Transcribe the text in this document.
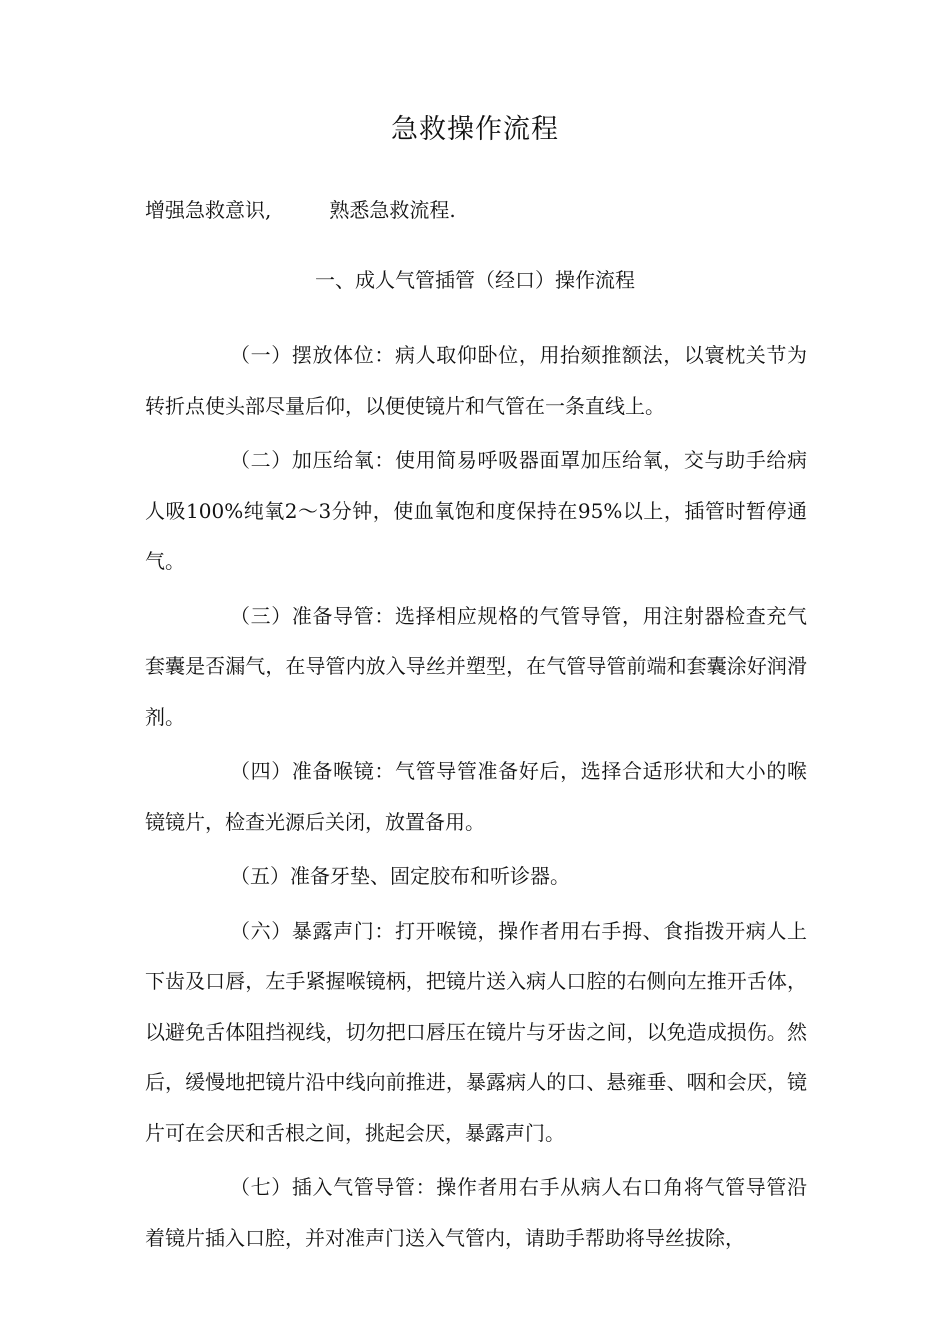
急救操作流程
增强急救意识,	熟悉急救流程.
一、成人气管插管（经口）操作流程

（一）摆放体位：病人取仰卧位，用抬颏推额法，以寰枕关节为转折点使头部尽量后仰，以便使镜片和气管在一条直线上。

（二）加压给氧：使用简易呼吸器面罩加压给氧，交与助手给病人吸100%纯氧2～3分钟，使血氧饱和度保持在95%以上，插管时暂停通气。

（三）准备导管：选择相应规格的气管导管，用注射器检查充气套囊是否漏气，在导管内放入导丝并塑型，在气管导管前端和套囊涂好润滑剂。

（四）准备喉镜：气管导管准备好后，选择合适形状和大小的喉镜镜片，检查光源后关闭，放置备用。

（五）准备牙垫、固定胶布和听诊器。

（六）暴露声门：打开喉镜，操作者用右手拇、食指拨开病人上下齿及口唇，左手紧握喉镜柄，把镜片送入病人口腔的右侧向左推开舌体，以避免舌体阻挡视线，切勿把口唇压在镜片与牙齿之间，以免造成损伤。然后，缓慢地把镜片沿中线向前推进，暴露病人的口、悬雍垂、咽和会厌，镜片可在会厌和舌根之间，挑起会厌，暴露声门。

（七）插入气管导管：操作者用右手从病人右口角将气管导管沿着镜片插入口腔，并对准声门送入气管内，请助手帮助将导丝拔除，
